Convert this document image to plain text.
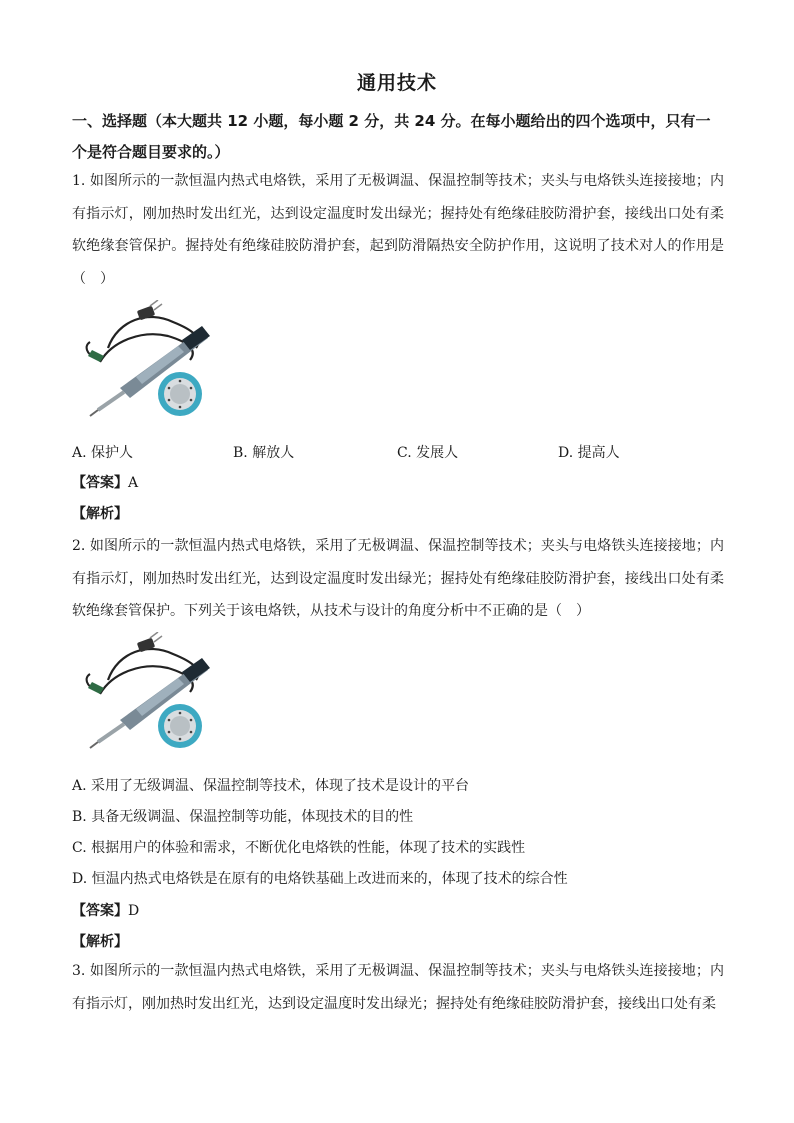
通用技术
一、选择题（本大题共 12 小题，每小题 2 分，共 24 分。在每小题给出的四个选项中，只有一个是符合题目要求的。）
1. 如图所示的一款恒温内热式电烙铁，采用了无极调温、保温控制等技术；夹头与电烙铁头连接接地；内有指示灯，刚加热时发出红光，达到设定温度时发出绿光；握持处有绝缘硅胶防滑护套，接线出口处有柔软绝缘套管保护。握持处有绝缘硅胶防滑护套，起到防滑隔热安全防护作用，这说明了技术对人的作用是（　）
A. 保护人	B. 解放人	C. 发展人	D. 提高人
【答案】A
【解析】
2. 如图所示的一款恒温内热式电烙铁，采用了无极调温、保温控制等技术；夹头与电烙铁头连接接地；内有指示灯，刚加热时发出红光，达到设定温度时发出绿光；握持处有绝缘硅胶防滑护套，接线出口处有柔软绝缘套管保护。下列关于该电烙铁，从技术与设计的角度分析中不正确的是（　）
A. 采用了无级调温、保温控制等技术，体现了技术是设计的平台
B. 具备无级调温、保温控制等功能，体现技术的目的性
C. 根据用户的体验和需求，不断优化电烙铁的性能，体现了技术的实践性
D. 恒温内热式电烙铁是在原有的电烙铁基础上改进而来的，体现了技术的综合性
【答案】D
【解析】
3. 如图所示的一款恒温内热式电烙铁，采用了无极调温、保温控制等技术；夹头与电烙铁头连接接地；内有指示灯，刚加热时发出红光，达到设定温度时发出绿光；握持处有绝缘硅胶防滑护套，接线出口处有柔
